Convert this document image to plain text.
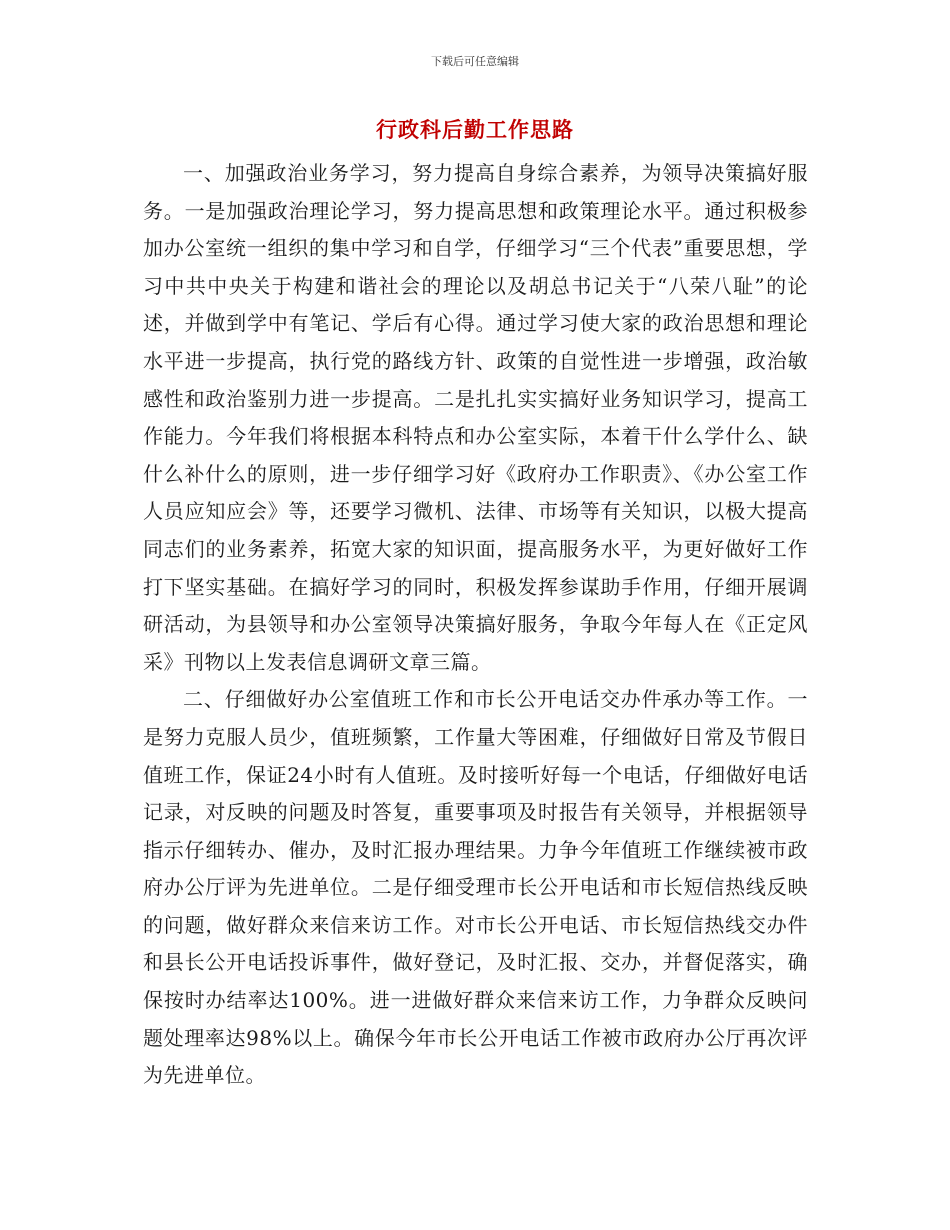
下载后可任意编辑
行政科后勤工作思路

一、加强政治业务学习，努力提高自身综合素养，为领导决策搞好服务。一是加强政治理论学习，努力提高思想和政策理论水平。通过积极参加办公室统一组织的集中学习和自学，仔细学习“三个代表”重要思想，学习中共中央关于构建和谐社会的理论以及胡总书记关于“八荣八耻”的论述，并做到学中有笔记、学后有心得。通过学习使大家的政治思想和理论水平进一步提高，执行党的路线方针、政策的自觉性进一步增强，政治敏感性和政治鉴别力进一步提高。二是扎扎实实搞好业务知识学习，提高工作能力。今年我们将根据本科特点和办公室实际，本着干什么学什么、缺什么补什么的原则，进一步仔细学习好《政府办工作职责》、《办公室工作人员应知应会》等，还要学习微机、法律、市场等有关知识，以极大提高同志们的业务素养，拓宽大家的知识面，提高服务水平，为更好做好工作打下坚实基础。在搞好学习的同时，积极发挥参谋助手作用，仔细开展调研活动，为县领导和办公室领导决策搞好服务，争取今年每人在《正定风采》刊物以上发表信息调研文章三篇。

二、仔细做好办公室值班工作和市长公开电话交办件承办等工作。一是努力克服人员少，值班频繁，工作量大等困难，仔细做好日常及节假日值班工作，保证24小时有人值班。及时接听好每一个电话，仔细做好电话记录，对反映的问题及时答复，重要事项及时报告有关领导，并根据领导指示仔细转办、催办，及时汇报办理结果。力争今年值班工作继续被市政府办公厅评为先进单位。二是仔细受理市长公开电话和市长短信热线反映的问题，做好群众来信来访工作。对市长公开电话、市长短信热线交办件和县长公开电话投诉事件，做好登记，及时汇报、交办，并督促落实，确保按时办结率达100%。进一进做好群众来信来访工作，力争群众反映问题处理率达98%以上。确保今年市长公开电话工作被市政府办公厅再次评为先进单位。
